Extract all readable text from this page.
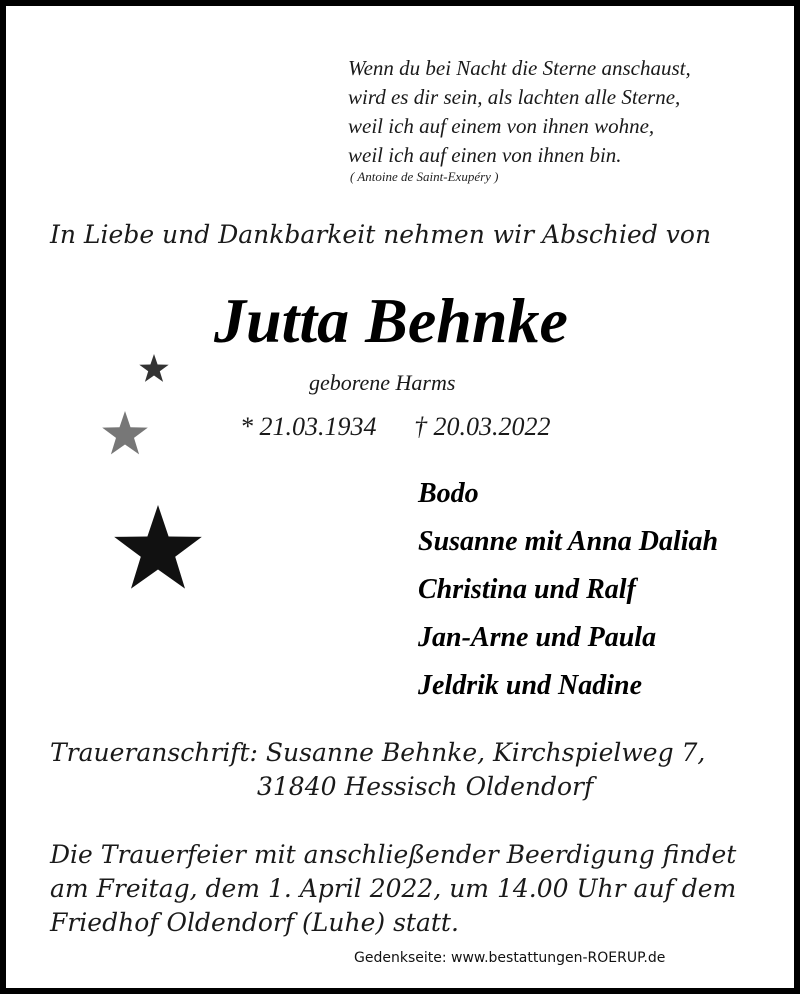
Wenn du bei Nacht die Sterne anschaust,
wird es dir sein, als lachten alle Sterne,
weil ich auf einem von ihnen wohne,
weil ich auf einen von ihnen bin.
( Antoine de Saint-Exupéry )
In Liebe und Dankbarkeit nehmen wir Abschied von
Jutta Behnke
geborene Harms
* 21.03.1934 † 20.03.2022
Bodo
Susanne mit Anna Daliah
Christina und Ralf
Jan-Arne und Paula
Jeldrik und Nadine
Traueranschrift: Susanne Behnke, Kirchspielweg 7,
31840 Hessisch Oldendorf
Die Trauerfeier mit anschließender Beerdigung findet
am Freitag, dem 1. April 2022, um 14.00 Uhr auf dem
Friedhof Oldendorf (Luhe) statt.
Gedenkseite: www.bestattungen-ROERUP.de
